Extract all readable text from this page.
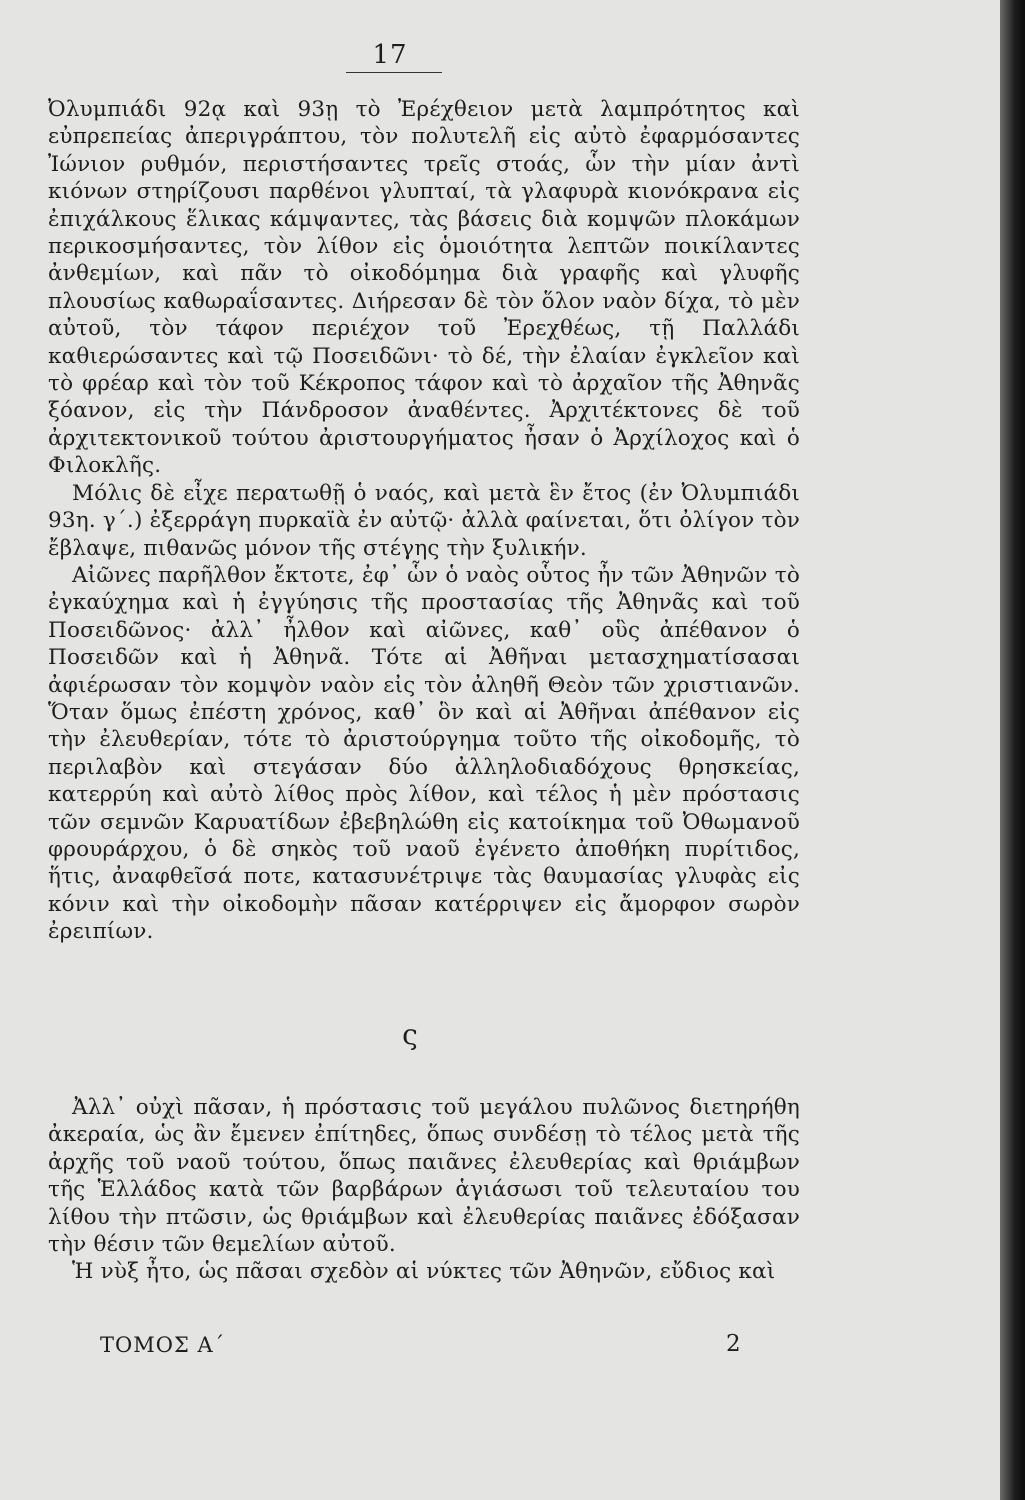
17

Ὀλυμπιάδι 92ᾳ καὶ 93ῃ τὸ Ἐρέχθειον μετὰ λαμπρότητος καὶ εὐπρεπείας ἀπεριγράπτου, τὸν πολυτελῆ εἰς αὐτὸ ἐφαρμόσαντες Ἰώνιον ρυθμόν, περιστήσαντες τρεῖς στοάς, ὧν τὴν μίαν ἀντὶ κιόνων στηρίζουσι παρθένοι γλυπταί, τὰ γλαφυρὰ κιονόκρανα εἰς ἐπιχάλκους ἕλικας κάμψαντες, τὰς βάσεις διὰ κομψῶν πλοκάμων περικοσμήσαντες, τὸν λίθον εἰς ὁμοιότητα λεπτῶν ποικίλαντες ἀνθεμίων, καὶ πᾶν τὸ οἰκοδόμημα διὰ γραφῆς καὶ γλυφῆς πλουσίως καθωραΐσαντες. Διήρεσαν δὲ τὸν ὅλον ναὸν δίχα, τὸ μὲν αὐτοῦ, τὸν τάφον περιέχον τοῦ Ἐρεχθέως, τῇ Παλλάδι καθιερώσαντες καὶ τῷ Ποσειδῶνι· τὸ δέ, τὴν ἐλαίαν ἐγκλεῖον καὶ τὸ φρέαρ καὶ τὸν τοῦ Κέκροπος τάφον καὶ τὸ ἀρχαῖον τῆς Ἀθηνᾶς ξόανον, εἰς τὴν Πάνδροσον ἀναθέντες. Ἀρχιτέκτονες δὲ τοῦ ἀρχιτεκτονικοῦ τούτου ἀριστουργήματος ἦσαν ὁ Ἀρχίλοχος καὶ ὁ Φιλοκλῆς.

Μόλις δὲ εἶχε περατωθῇ ὁ ναός, καὶ μετὰ ἓν ἔτος (ἐν Ὀλυμπιάδι 93η. γ΄.) ἐξερράγη πυρκαϊὰ ἐν αὐτῷ· ἀλλὰ φαίνεται, ὅτι ὀλίγον τὸν ἔβλαψε, πιθανῶς μόνον τῆς στέγης τὴν ξυλικήν.

Αἰῶνες παρῆλθον ἔκτοτε, ἐφ᾽ ὧν ὁ ναὸς οὗτος ἦν τῶν Ἀθηνῶν τὸ ἐγκαύχημα καὶ ἡ ἐγγύησις τῆς προστασίας τῆς Ἀθηνᾶς καὶ τοῦ Ποσειδῶνος· ἀλλ᾽ ἦλθον καὶ αἰῶνες, καθ᾽ οὓς ἀπέθανον ὁ Ποσειδῶν καὶ ἡ Ἀθηνᾶ. Τότε αἱ Ἀθῆναι μετασχηματίσασαι ἀφιέρωσαν τὸν κομψὸν ναὸν εἰς τὸν ἀληθῆ Θεὸν τῶν χριστιανῶν. Ὅταν ὅμως ἐπέστη χρόνος, καθ᾽ ὃν καὶ αἱ Ἀθῆναι ἀπέθανον εἰς τὴν ἐλευθερίαν, τότε τὸ ἀριστούργημα τοῦτο τῆς οἰκοδομῆς, τὸ περιλαβὸν καὶ στεγάσαν δύο ἀλληλοδιαδόχους θρησκείας, κατερρύη καὶ αὐτὸ λίθος πρὸς λίθον, καὶ τέλος ἡ μὲν πρόστασις τῶν σεμνῶν Καρυατίδων ἐβεβηλώθη εἰς κατοίκημα τοῦ Ὀθωμανοῦ φρουράρχου, ὁ δὲ σηκὸς τοῦ ναοῦ ἐγένετο ἀποθήκη πυρίτιδος, ἥτις, ἀναφθεῖσά ποτε, κατασυνέτριψε τὰς θαυμασίας γλυφὰς εἰς κόνιν καὶ τὴν οἰκοδομὴν πᾶσαν κατέρριψεν εἰς ἄμορφον σωρὸν ἐρειπίων.

ς

Ἀλλ᾽ οὐχὶ πᾶσαν, ἡ πρόστασις τοῦ μεγάλου πυλῶνος διετηρήθη ἀκεραία, ὡς ἂν ἔμενεν ἐπίτηδες, ὅπως συνδέσῃ τὸ τέλος μετὰ τῆς ἀρχῆς τοῦ ναοῦ τούτου, ὅπως παιᾶνες ἐλευθερίας καὶ θριάμβων τῆς Ἑλλάδος κατὰ τῶν βαρβάρων ἁγιάσωσι τοῦ τελευταίου του λίθου τὴν πτῶσιν, ὡς θριάμβων καὶ ἐλευθερίας παιᾶνες ἐδόξασαν τὴν θέσιν τῶν θεμελίων αὐτοῦ.

Ἡ νὺξ ἦτο, ὡς πᾶσαι σχεδὸν αἱ νύκτες τῶν Ἀθηνῶν, εὔδιος καὶ

ΤΟΜΟΣ Α΄	2
